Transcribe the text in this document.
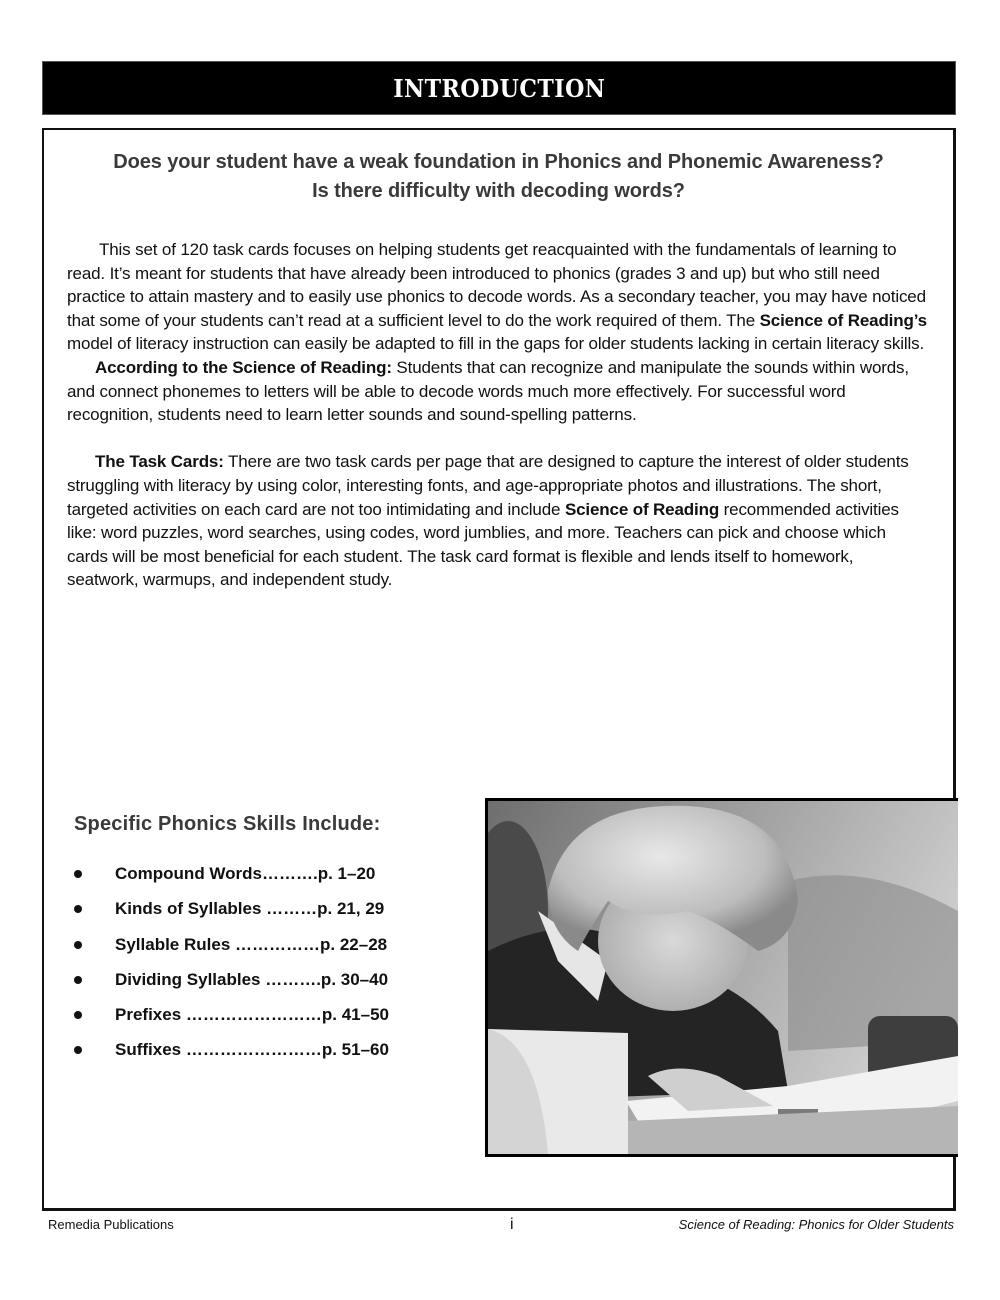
INTRODUCTION
Does your student have a weak foundation in Phonics and Phonemic Awareness?
Is there difficulty with decoding words?

This set of 120 task cards focuses on helping students get reacquainted with the fundamentals of learning to read. It’s meant for students that have already been introduced to phonics (grades 3 and up) but who still need practice to attain mastery and to easily use phonics to decode words. As a secondary teacher, you may have noticed that some of your students can’t read at a sufficient level to do the work required of them. The Science of Reading’s model of literacy instruction can easily be adapted to fill in the gaps for older students lacking in certain literacy skills.

According to the Science of Reading: Students that can recognize and manipulate the sounds within words, and connect phonemes to letters will be able to decode words much more effectively. For successful word recognition, students need to learn letter sounds and sound-spelling patterns.

The Task Cards: There are two task cards per page that are designed to capture the interest of older students struggling with literacy by using color, interesting fonts, and age-appropriate photos and illustrations. The short, targeted activities on each card are not too intimidating and include Science of Reading recommended activities like: word puzzles, word searches, using codes, word jumblies, and more. Teachers can pick and choose which cards will be most beneficial for each student. The task card format is flexible and lends itself to homework, seatwork, warmups, and independent study.

Specific Phonics Skills Include:
Compound Words……….p. 1–20
Kinds of Syllables ………p. 21, 29
Syllable Rules ……………p. 22–28
Dividing Syllables ……….p. 30–40
Prefixes ……………………p. 41–50
Suffixes ……………………p. 51–60
Remedia Publications	i	Science of Reading: Phonics for Older Students
